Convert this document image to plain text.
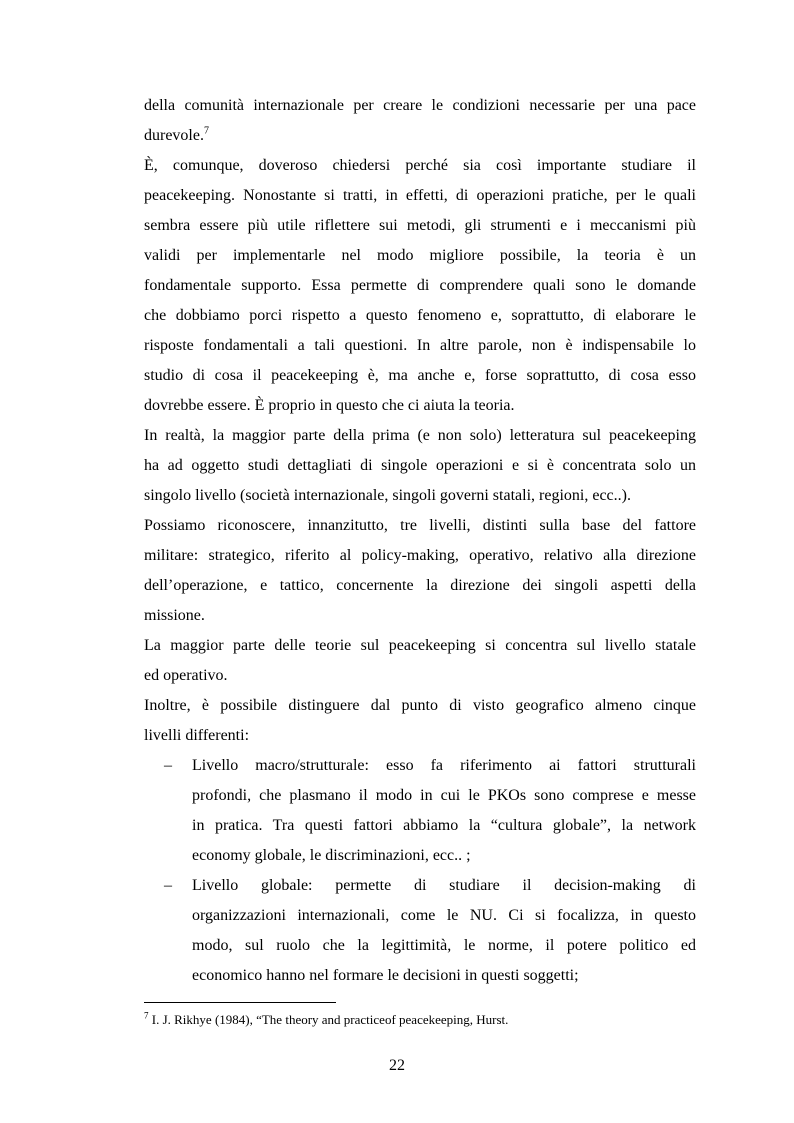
della comunità internazionale per creare le condizioni necessarie per una pace
durevole.$^7$

È, comunque, doveroso chiedersi perché sia così importante studiare il
peacekeeping. Nonostante si tratti, in effetti, di operazioni pratiche, per le quali
sembra essere più utile riflettere sui metodi, gli strumenti e i meccanismi più
validi per implementarle nel modo migliore possibile, la teoria è un
fondamentale supporto. Essa permette di comprendere quali sono le domande
che dobbiamo porci rispetto a questo fenomeno e, soprattutto, di elaborare le
risposte fondamentali a tali questioni. In altre parole, non è indispensabile lo
studio di cosa il peacekeeping è, ma anche e, forse soprattutto, di cosa esso
dovrebbe essere. È proprio in questo che ci aiuta la teoria.

In realtà, la maggior parte della prima (e non solo) letteratura sul peacekeeping
ha ad oggetto studi dettagliati di singole operazioni e si è concentrata solo un
singolo livello (società internazionale, singoli governi statali, regioni, ecc..).

Possiamo riconoscere, innanzitutto, tre livelli, distinti sulla base del fattore
militare: strategico, riferito al policy-making, operativo, relativo alla direzione
dell’operazione, e tattico, concernente la direzione dei singoli aspetti della
missione.

La maggior parte delle teorie sul peacekeeping si concentra sul livello statale
ed operativo.

Inoltre, è possibile distinguere dal punto di visto geografico almeno cinque
livelli differenti:

– Livello macro/strutturale: esso fa riferimento ai fattori strutturali
profondi, che plasmano il modo in cui le PKOs sono comprese e messe
in pratica. Tra questi fattori abbiamo la “cultura globale”, la network
economy globale, le discriminazioni, ecc.. ;
– Livello globale: permette di studiare il decision-making di
organizzazioni internazionali, come le NU. Ci si focalizza, in questo
modo, sul ruolo che la legittimità, le norme, il potere politico ed
economico hanno nel formare le decisioni in questi soggetti;
$^7$ I. J. Rikhye (1984), “The theory and practiceof peacekeeping, Hurst.
22
